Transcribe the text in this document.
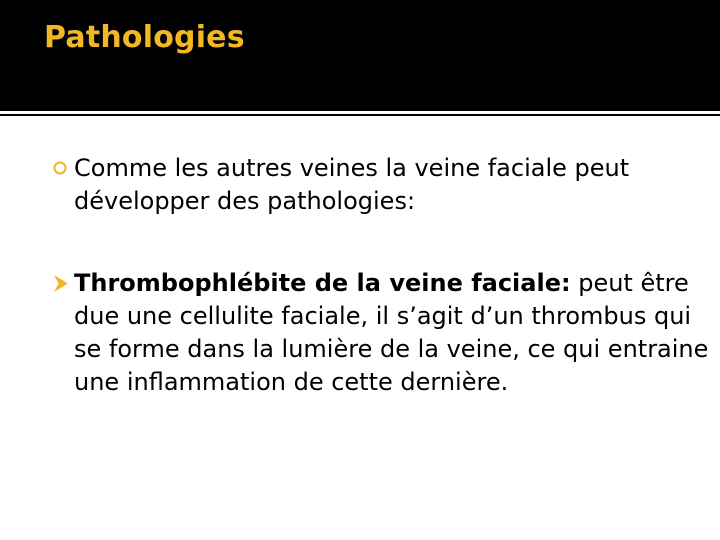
Pathologies
Comme les autres veines la veine faciale peut développer des pathologies:
Thrombophlébite de la veine faciale: peut être due une cellulite faciale, il s’agit d’un thrombus qui se forme dans la lumière de la veine, ce qui entraine une inflammation de cette dernière.
